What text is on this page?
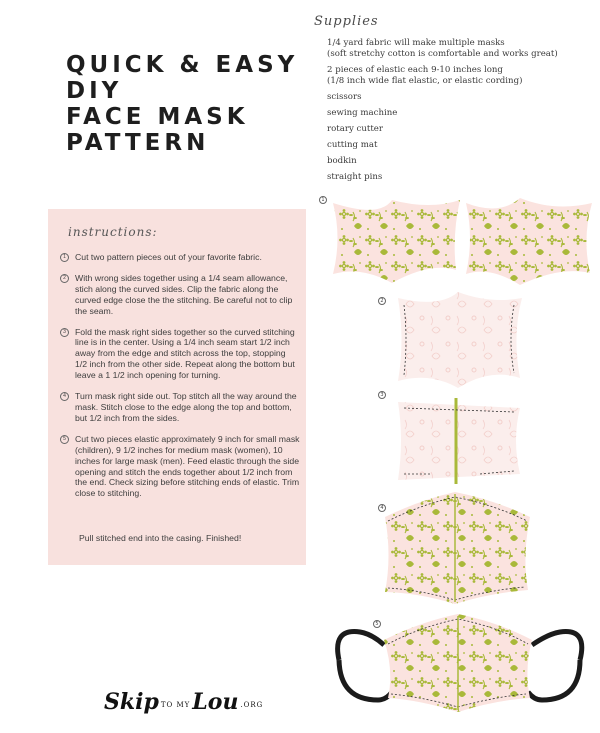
QUICK & EASY
DIY
FACE MASK
PATTERN
Supplies
1/4 yard fabric will make multiple masks
(soft stretchy cotton is comfortable and works great)
2 pieces of elastic each 9-10 inches long
(1/8 inch wide flat elastic, or elastic cording)
scissors
sewing machine
rotary cutter
cutting mat
bodkin
straight pins
instructions:
1	Cut two pattern pieces out of your favorite fabric.
2	With wrong sides together using a 1/4 seam allowance, stich along the curved sides. Clip the fabric along the curved edge close the the stitching. Be careful not to clip the seam.
3	Fold the mask right sides together so the curved stitching line is in the center. Using a 1/4 inch seam start 1/2 inch away from the edge and stitch across the top, stopping 1/2 inch from the other side. Repeat along the bottom but leave a 1 1/2 inch opening for turning.
4	Turn mask right side out. Top stitch all the way around the mask. Stitch close to the edge along the top and bottom, but 1/2 inch from the sides.
5	Cut two pieces elastic approximately 9 inch for small mask (children), 9 1/2 inches for medium mask (women), 10 inches for large mask (men). Feed elastic through the side opening and stitch the ends together about 1/2 inch from the end. Check sizing before stitching ends of elastic. Trim close to stitching.
Pull stitched end into the casing. Finished!
1
2
3
4
5
Skip TO MYLou .ORG
